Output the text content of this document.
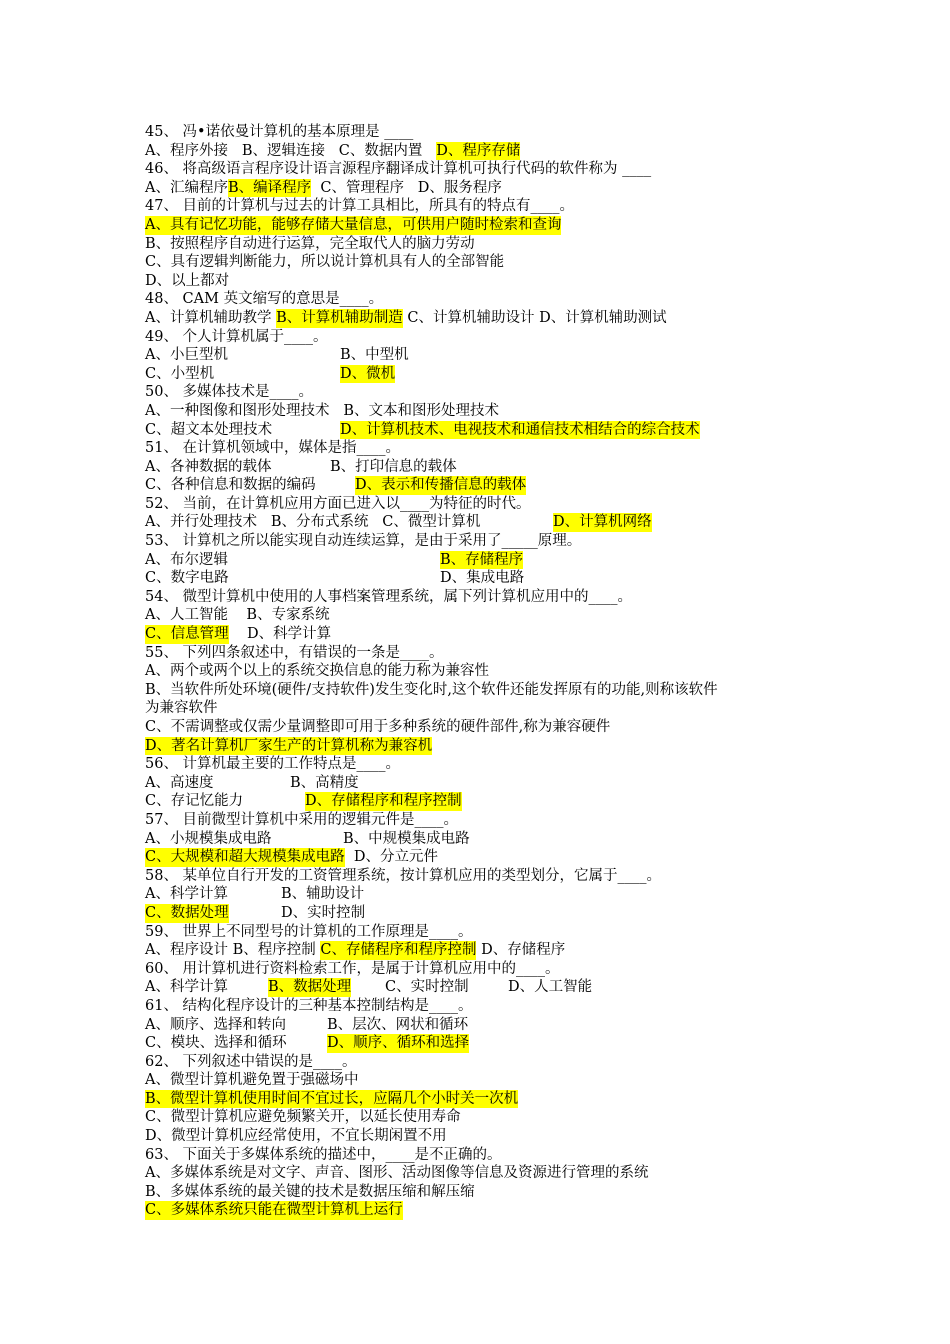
45、 冯•诺依曼计算机的基本原理是 ____
A、程序外接 B、逻辑连接 C、数据内置 D、程序存储
46、 将高级语言程序设计语言源程序翻译成计算机可执行代码的软件称为 ____
A、汇编程序B、编译程序 C、管理程序 D、服务程序
47、 目前的计算机与过去的计算工具相比，所具有的特点有____。
A、具有记忆功能，能够存储大量信息，可供用户随时检索和查询
B、按照程序自动进行运算，完全取代人的脑力劳动
C、具有逻辑判断能力，所以说计算机具有人的全部智能
D、以上都对
48、 CAM 英文缩写的意思是____。
A、计算机辅助教学 B、计算机辅助制造 C、计算机辅助设计 D、计算机辅助测试
49、 个人计算机属于____。
A、小巨型机	B、中型机
C、小型机	D、微机
50、 多媒体技术是____。
A、一种图像和图形处理技术 B、文本和图形处理技术
C、超文本处理技术	D、计算机技术、电视技术和通信技术相结合的综合技术
51、 在计算机领域中，媒体是指____。
A、各神数据的载体	B、打印信息的载体
C、各种信息和数据的编码	D、表示和传播信息的载体
52、 当前，在计算机应用方面已进入以____为特征的时代。
A、并行处理技术 B、分布式系统 C、微型计算机	D、计算机网络
53、 计算机之所以能实现自动连续运算，是由于采用了_____原理。
A、布尔逻辑	B、存储程序
C、数字电路	D、集成电路
54、 微型计算机中使用的人事档案管理系统，属下列计算机应用中的____。
A、人工智能 B、专家系统
C、信息管理 D、科学计算
55、 下列四条叙述中，有错误的一条是____。
A、两个或两个以上的系统交换信息的能力称为兼容性
B、当软件所处环境(硬件/支持软件)发生变化时,这个软件还能发挥原有的功能,则称该软件
为兼容软件
C、不需调整或仅需少量调整即可用于多种系统的硬件部件,称为兼容硬件
D、著名计算机厂家生产的计算机称为兼容机
56、 计算机最主要的工作特点是____。
A、高速度	B、高精度
C、存记忆能力	D、存储程序和程序控制
57、 目前微型计算机中采用的逻辑元件是____。
A、小规模集成电路	B、中规模集成电路
C、大规模和超大规模集成电路 D、分立元件
58、 某单位自行开发的工资管理系统，按计算机应用的类型划分，它属于____。
A、科学计算	B、辅助设计
C、数据处理	D、实时控制
59、 世界上不同型号的计算机的工作原理是____。
A、程序设计 B、程序控制 C、存储程序和程序控制 D、存储程序
60、 用计算机进行资料检索工作，是属于计算机应用中的____。
A、科学计算	B、数据处理 C、实时控制	D、人工智能
61、 结构化程序设计的三种基本控制结构是____。
A、顺序、选择和转向	B、层次、网状和循环
C、模块、选择和循环	D、顺序、循环和选择
62、 下列叙述中错误的是____。
A、微型计算机避免置于强磁场中
B、微型计算机使用时间不宜过长，应隔几个小时关一次机
C、微型计算机应避免频繁关开，以延长使用寿命
D、微型计算机应经常使用，不宜长期闲置不用
63、 下面关于多媒体系统的描述中，____是不正确的。
A、多媒体系统是对文字、声音、图形、活动图像等信息及资源进行管理的系统
B、多媒体系统的最关键的技术是数据压缩和解压缩
C、多媒体系统只能在微型计算机上运行
